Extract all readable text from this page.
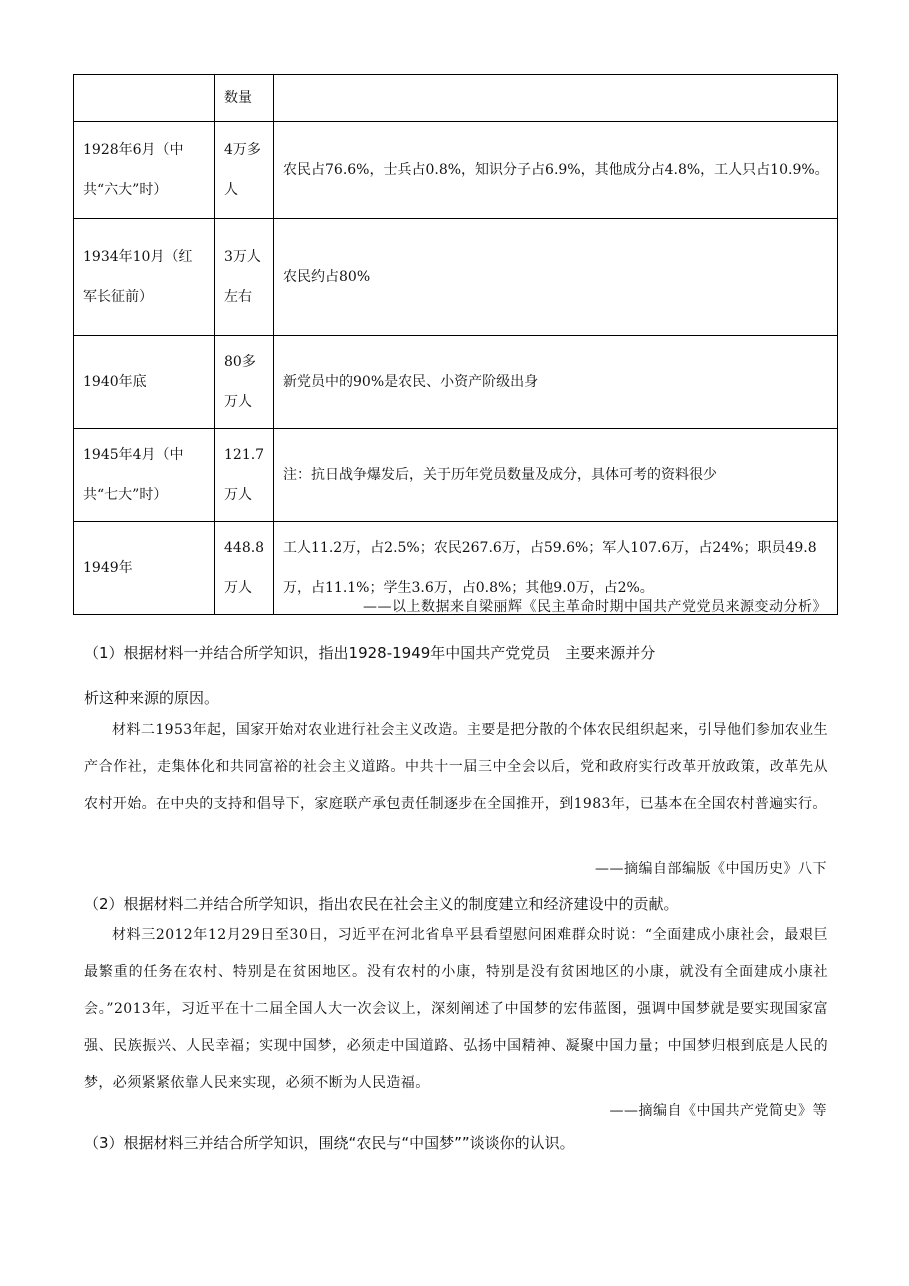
	数量	
1928年6月（中共“六大”时）	4万多人	农民占76.6%，士兵占0.8%，知识分子占6.9%，其他成分占4.8%，工人只占10.9%。
1934年10月（红军长征前）	3万人左右	农民约占80%
1940年底	80多万人	新党员中的90%是农民、小资产阶级出身
1945年4月（中共“七大”时）	121.7万人	注：抗日战争爆发后，关于历年党员数量及成分，具体可考的资料很少
1949年	448.8万人	工人11.2万，占2.5%；农民267.6万，占59.6%；军人107.6万，占24%；职员49.8万，占11.1%；学生3.6万，占0.8%；其他9.0万，占2%。
——以上数据来自梁丽辉《民主革命时期中国共产党党员来源变动分析》
（1）根据材料一并结合所学知识，指出1928-1949年中国共产党党员　主要来源并分
析这种来源的原因。
材料二1953年起，国家开始对农业进行社会主义改造。主要是把分散的个体农民组织起来，引导他们参加农业生产合作社，走集体化和共同富裕的社会主义道路。中共十一届三中全会以后，党和政府实行改革开放政策，改革先从农村开始。在中央的支持和倡导下，家庭联产承包责任制逐步在全国推开，到1983年，已基本在全国农村普遍实行。
——摘编自部编版《中国历史》八下
（2）根据材料二并结合所学知识，指出农民在社会主义的制度建立和经济建设中的贡献。
材料三2012年12月29日至30日，习近平在河北省阜平县看望慰问困难群众时说：“全面建成小康社会，最艰巨最繁重的任务在农村、特别是在贫困地区。没有农村的小康，特别是没有贫困地区的小康，就没有全面建成小康社会。”2013年，习近平在十二届全国人大一次会议上，深刻阐述了中国梦的宏伟蓝图，强调中国梦就是要实现国家富强、民族振兴、人民幸福；实现中国梦，必须走中国道路、弘扬中国精神、凝聚中国力量；中国梦归根到底是人民的梦，必须紧紧依靠人民来实现，必须不断为人民造福。
——摘编自《中国共产党简史》等
（3）根据材料三并结合所学知识，围绕“农民与“中国梦””谈谈你的认识。
